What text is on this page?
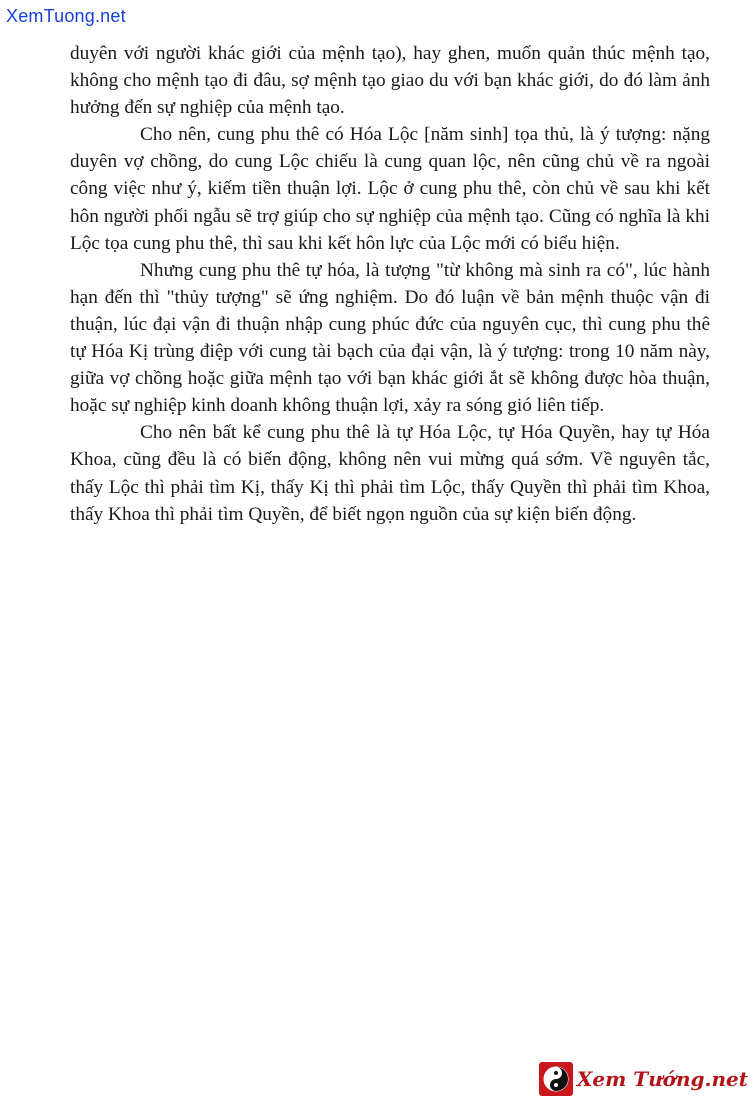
XemTuong.net

duyên với người khác giới của mệnh tạo), hay ghen, muốn quản thúc mệnh tạo, không cho mệnh tạo đi đâu, sợ mệnh tạo giao du với bạn khác giới, do đó làm ảnh hưởng đến sự nghiệp của mệnh tạo.

Cho nên, cung phu thê có Hóa Lộc [năm sinh] tọa thủ, là ý tượng: nặng duyên vợ chồng, do cung Lộc chiếu là cung quan lộc, nên cũng chủ về ra ngoài công việc như ý, kiếm tiền thuận lợi. Lộc ở cung phu thê, còn chủ về sau khi kết hôn người phối ngẫu sẽ trợ giúp cho sự nghiệp của mệnh tạo. Cũng có nghĩa là khi Lộc tọa cung phu thê, thì sau khi kết hôn lực của Lộc mới có biểu hiện.

Nhưng cung phu thê tự hóa, là tượng "từ không mà sinh ra có", lúc hành hạn đến thì "thủy tượng" sẽ ứng nghiệm. Do đó luận về bản mệnh thuộc vận đi thuận, lúc đại vận đi thuận nhập cung phúc đức của nguyên cục, thì cung phu thê tự Hóa Kị trùng điệp với cung tài bạch của đại vận, là ý tượng: trong 10 năm này, giữa vợ chồng hoặc giữa mệnh tạo với bạn khác giới ắt sẽ không được hòa thuận, hoặc sự nghiệp kinh doanh không thuận lợi, xảy ra sóng gió liên tiếp.

Cho nên bất kể cung phu thê là tự Hóa Lộc, tự Hóa Quyền, hay tự Hóa Khoa, cũng đều là có biến động, không nên vui mừng quá sớm. Về nguyên tắc, thấy Lộc thì phải tìm Kị, thấy Kị thì phải tìm Lộc, thấy Quyền thì phải tìm Khoa, thấy Khoa thì phải tìm Quyền, để biết ngọn nguồn của sự kiện biến động.

Xem Tướng.net
